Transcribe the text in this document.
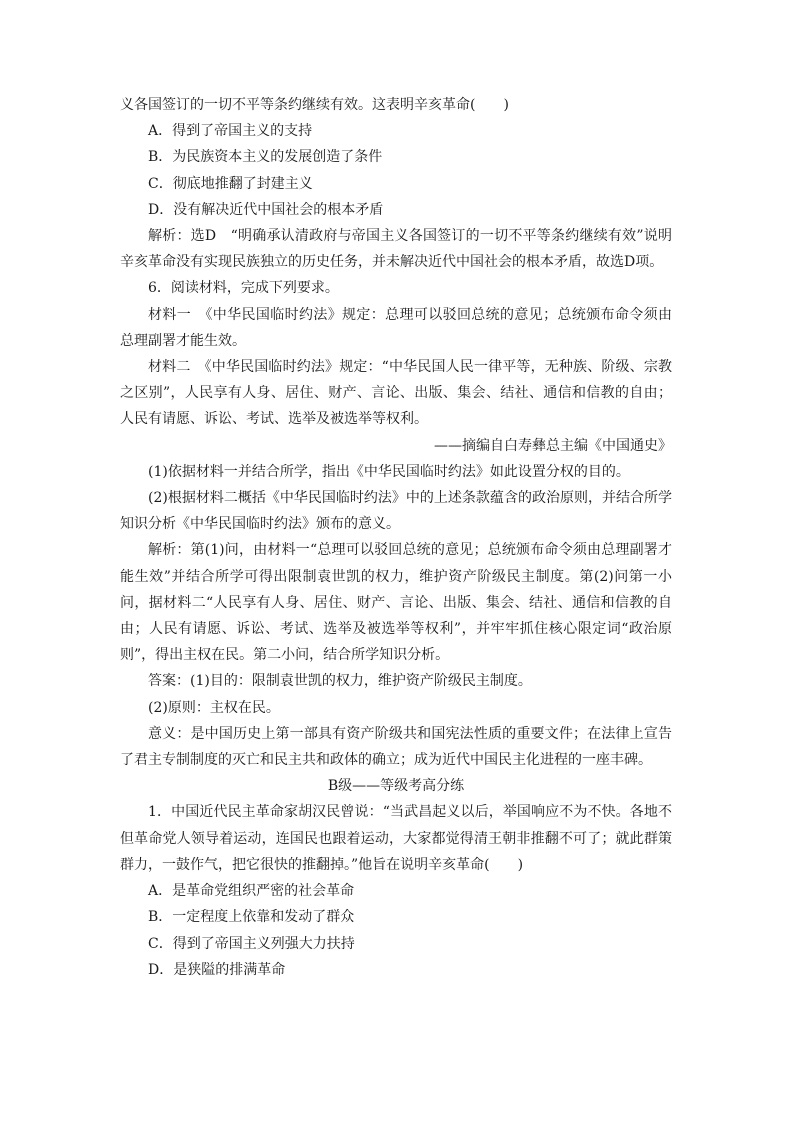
义各国签订的一切不平等条约继续有效。这表明辛亥革命(　　)

A．得到了帝国主义的支持

B．为民族资本主义的发展创造了条件

C．彻底地推翻了封建主义

D．没有解决近代中国社会的根本矛盾

解析：选D　“明确承认清政府与帝国主义各国签订的一切不平等条约继续有效”说明辛亥革命没有实现民族独立的历史任务，并未解决近代中国社会的根本矛盾，故选D项。

6．阅读材料，完成下列要求。

材料一　《中华民国临时约法》规定：总理可以驳回总统的意见；总统颁布命令须由总理副署才能生效。

材料二　《中华民国临时约法》规定：“中华民国人民一律平等，无种族、阶级、宗教之区别”，人民享有人身、居住、财产、言论、出版、集会、结社、通信和信教的自由；人民有请愿、诉讼、考试、选举及被选举等权利。

——摘编自白寿彝总主编《中国通史》

(1)依据材料一并结合所学，指出《中华民国临时约法》如此设置分权的目的。

(2)根据材料二概括《中华民国临时约法》中的上述条款蕴含的政治原则，并结合所学知识分析《中华民国临时约法》颁布的意义。

解析：第(1)问，由材料一“总理可以驳回总统的意见；总统颁布命令须由总理副署才能生效”并结合所学可得出限制袁世凯的权力，维护资产阶级民主制度。第(2)问第一小问，据材料二“人民享有人身、居住、财产、言论、出版、集会、结社、通信和信教的自由；人民有请愿、诉讼、考试、选举及被选举等权利”，并牢牢抓住核心限定词“政治原则”，得出主权在民。第二小问，结合所学知识分析。

答案：(1)目的：限制袁世凯的权力，维护资产阶级民主制度。

(2)原则：主权在民。

意义：是中国历史上第一部具有资产阶级共和国宪法性质的重要文件；在法律上宣告了君主专制制度的灭亡和民主共和政体的确立；成为近代中国民主化进程的一座丰碑。

B级——等级考高分练

1．中国近代民主革命家胡汉民曾说：“当武昌起义以后，举国响应不为不快。各地不但革命党人领导着运动，连国民也跟着运动，大家都觉得清王朝非推翻不可了；就此群策群力，一鼓作气，把它很快的推翻掉。”他旨在说明辛亥革命(　　)

A．是革命党组织严密的社会革命

B．一定程度上依靠和发动了群众

C．得到了帝国主义列强大力扶持

D．是狭隘的排满革命
